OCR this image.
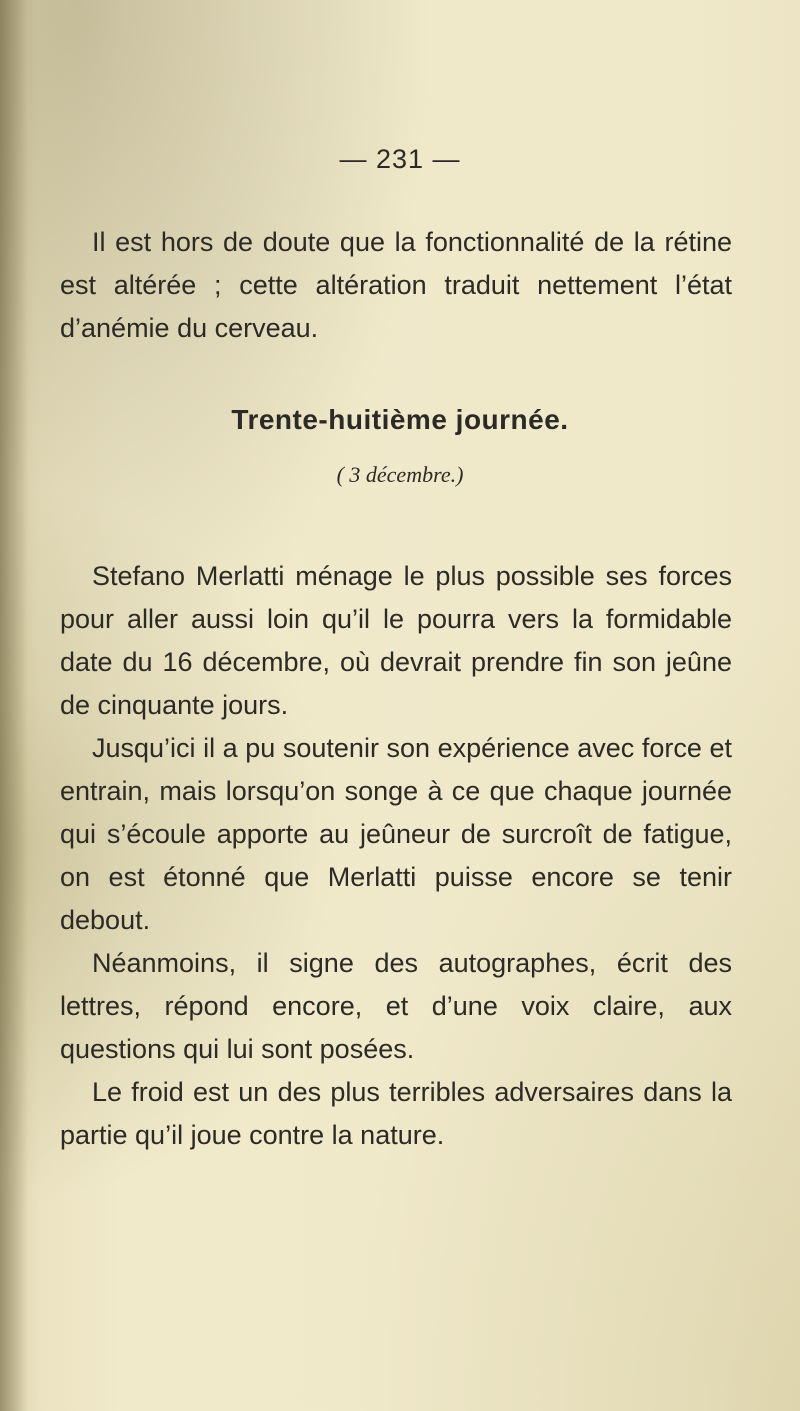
— 231 —

Il est hors de doute que la fonctionnalité de la rétine est altérée ; cette altération traduit nettement l’état d’anémie du cerveau.

Trente-huitième journée.
( 3 décembre.)

Stefano Merlatti ménage le plus possible ses forces pour aller aussi loin qu’il le pourra vers la formidable date du 16 décembre, où devrait prendre fin son jeûne de cinquante jours.

Jusqu’ici il a pu soutenir son expérience avec force et entrain, mais lorsqu’on songe à ce que chaque journée qui s’écoule apporte au jeûneur de surcroît de fatigue, on est étonné que Merlatti puisse encore se tenir debout.

Néanmoins, il signe des autographes, écrit des lettres, répond encore, et d’une voix claire, aux questions qui lui sont posées.

Le froid est un des plus terribles adversaires dans la partie qu’il joue contre la nature.
